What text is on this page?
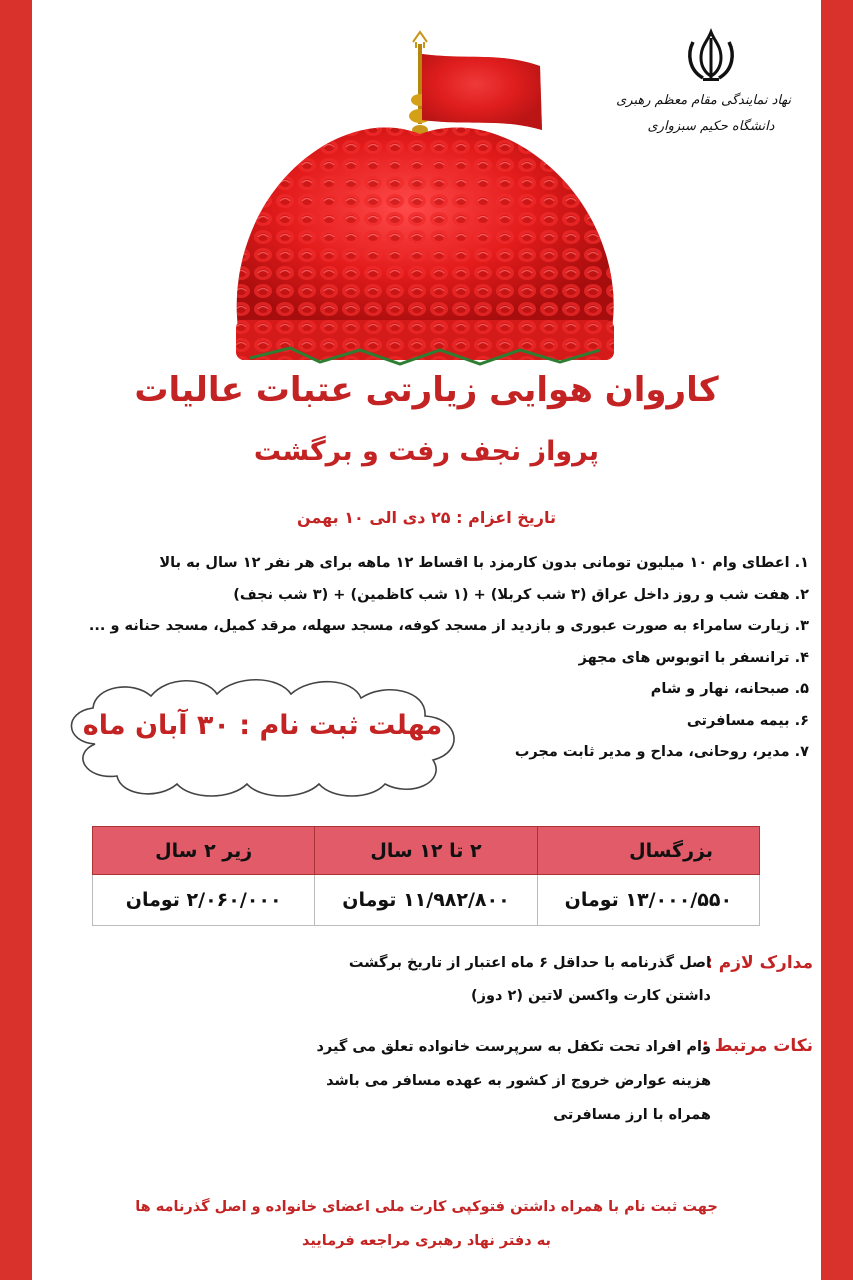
نهاد نمایندگی مقام معظم رهبری
دانشگاه حکیم سبزواری
کاروان هوایی زیارتی عتبات عالیات
پرواز نجف رفت و برگشت
تاریخ اعزام : ۲۵ دی الی ۱۰ بهمن
۱.
اعطای وام ۱۰ میلیون تومانی بدون کارمزد با اقساط ۱۲ ماهه برای هر نفر ۱۲ سال به بالا
۲.
هفت شب و روز داخل عراق (۳ شب کربلا) + (۱ شب کاظمین) + (۳ شب نجف)
۳.
زیارت سامراء به صورت عبوری و بازدید از مسجد کوفه، مسجد سهله، مرقد کمیل، مسجد حنانه و ...
۴.
ترانسفر با اتوبوس های مجهز
۵.
صبحانه، نهار و شام
۶.
بیمه مسافرتی
۷.
مدیر، روحانی، مداح و مدیر ثابت مجرب
مهلت ثبت نام : ۳۰ آبان ماه
بزرگسال	۲ تا ۱۲ سال	زیر ۲ سال
۱۳/۰۰۰/۵۵۰ تومان	۱۱/۹۸۲/۸۰۰ تومان	۲/۰۶۰/۰۰۰ تومان
مدارک لازم :
اصل گذرنامه با حداقل ۶ ماه اعتبار از تاریخ برگشت
داشتن کارت واکسن لاتین (۲ دوز)
نکات مرتبط :
وام افراد تحت تکفل به سرپرست خانواده تعلق می گیرد
هزینه عوارض خروج از کشور به عهده مسافر می باشد
همراه با ارز مسافرتی
جهت ثبت نام با همراه داشتن فتوکپی کارت ملی اعضای خانواده و اصل گذرنامه ها
به دفتر نهاد رهبری مراجعه فرمایید
